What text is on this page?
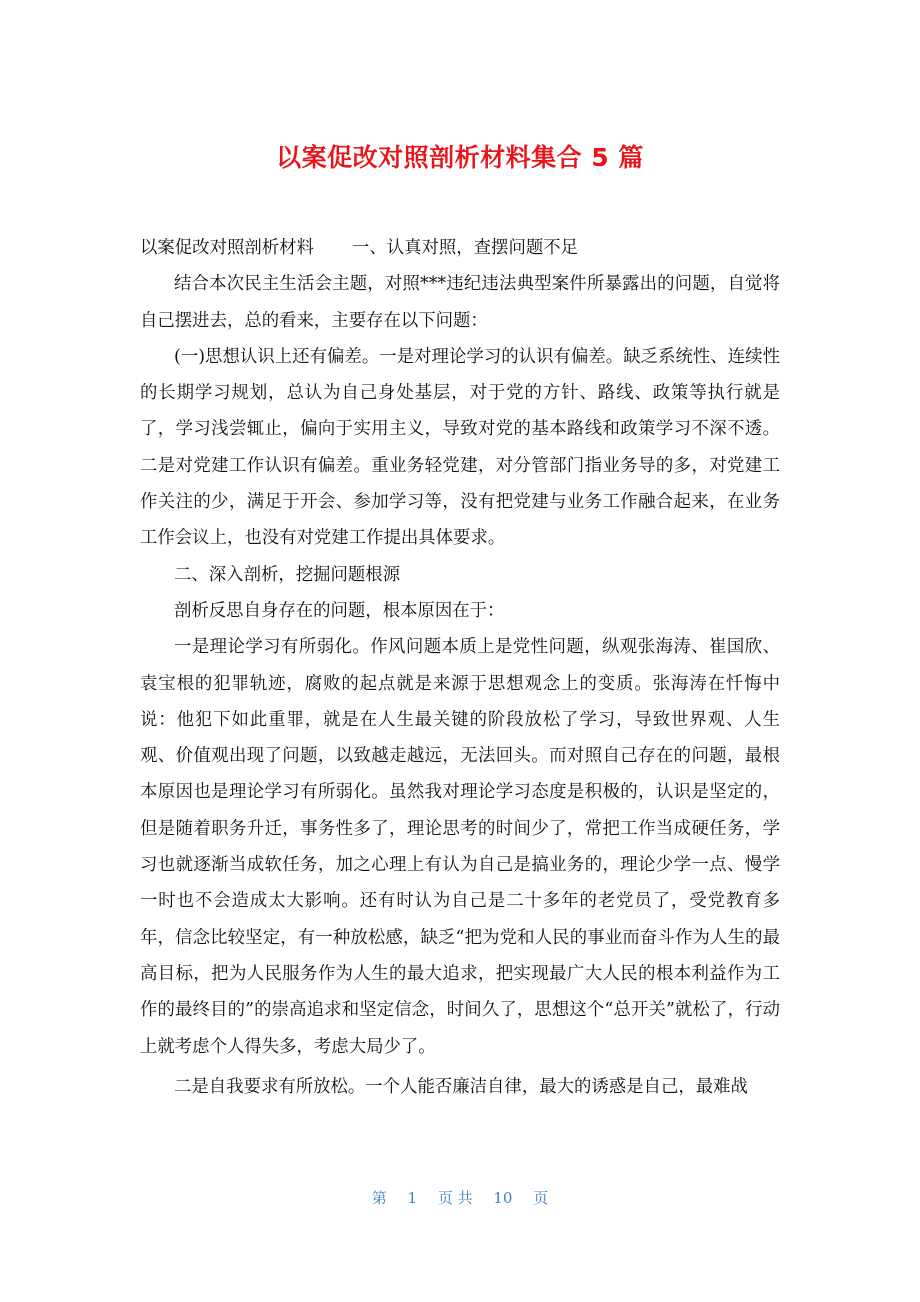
以案促改对照剖析材料集合 5 篇

以案促改对照剖析材料 一、认真对照，查摆问题不足

结合本次民主生活会主题，对照***违纪违法典型案件所暴露出的问题，自觉将自己摆进去，总的看来，主要存在以下问题：

(一)思想认识上还有偏差。一是对理论学习的认识有偏差。缺乏系统性、连续性的长期学习规划，总认为自己身处基层，对于党的方针、路线、政策等执行就是了，学习浅尝辄止，偏向于实用主义，导致对党的基本路线和政策学习不深不透。二是对党建工作认识有偏差。重业务轻党建，对分管部门指业务导的多，对党建工作关注的少，满足于开会、参加学习等，没有把党建与业务工作融合起来，在业务工作会议上，也没有对党建工作提出具体要求。

二、深入剖析，挖掘问题根源

剖析反思自身存在的问题，根本原因在于：

一是理论学习有所弱化。作风问题本质上是党性问题，纵观张海涛、崔国欣、袁宝根的犯罪轨迹，腐败的起点就是来源于思想观念上的变质。张海涛在忏悔中说：他犯下如此重罪，就是在人生最关键的阶段放松了学习，导致世界观、人生观、价值观出现了问题，以致越走越远，无法回头。而对照自己存在的问题，最根本原因也是理论学习有所弱化。虽然我对理论学习态度是积极的，认识是坚定的，但是随着职务升迁，事务性多了，理论思考的时间少了，常把工作当成硬任务，学习也就逐渐当成软任务，加之心理上有认为自己是搞业务的，理论少学一点、慢学一时也不会造成太大影响。还有时认为自己是二十多年的老党员了，受党教育多年，信念比较坚定，有一种放松感，缺乏“把为党和人民的事业而奋斗作为人生的最高目标，把为人民服务作为人生的最大追求，把实现最广大人民的根本利益作为工作的最终目的”的崇高追求和坚定信念，时间久了，思想这个“总开关”就松了，行动上就考虑个人得失多，考虑大局少了。

二是自我要求有所放松。一个人能否廉洁自律，最大的诱惑是自己，最难战

第 1 页 共 10 页
